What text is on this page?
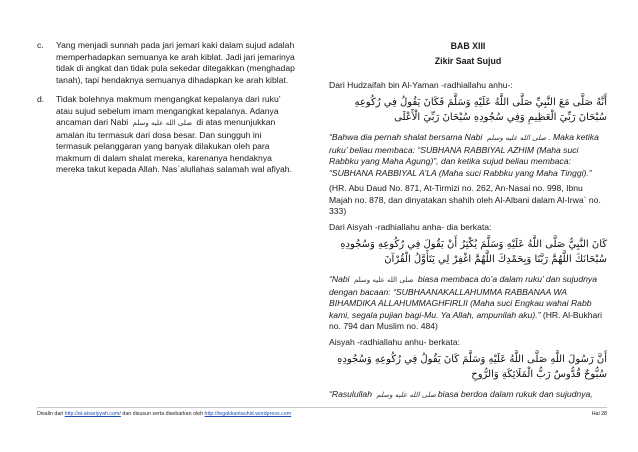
c.	Yang menjadi sunnah pada jari jemari kaki dalam sujud adalah memperhadapkan semuanya ke arah kiblat. Jadi jari jemarinya tidak di angkat dan tidak pula sekedar ditegakkan (menghadap tanah), tapi hendaknya semuanya dihadapkan ke arah kiblat.
d.	Tidak bolehnya makmum mengangkat kepalanya dari ruku’ atau sujud sebelum imam mengangkat kepalanya. Adanya ancaman dari Nabi صلى الله عليه وسلم di atas menunjukkan amalan itu termasuk dari dosa besar. Dan sungguh ini termasuk pelanggaran yang banyak dilakukan oleh para makmum di dalam shalat mereka, karenanya hendaknya mereka takut kepada Allah. Nas`alullahas salamah wal afiyah.
BAB XIII
Zikir Saat Sujud
Dari Hudzaifah bin Al-Yaman -radhiallahu anhu-:
أَنَّهُ صَلَّى مَعَ النَّبِيِّ صَلَّى اللَّهُ عَلَيْهِ وَسَلَّمَ فَكَانَ يَقُولُ فِي رُكُوعِهِ سُبْحَانَ رَبِّيَ الْعَظِيمِ وَفِي سُجُودِهِ سُبْحَانَ رَبِّيَ الْأَعْلَى
“Bahwa dia pernah shalat bersama Nabi صلى الله عليه وسلم . Maka ketika ruku’ beliau membaca: “SUBHANA RABBIYAL AZHIM (Maha suci Rabbku yang Maha Agung)”, dan ketika sujud beliau membaca: “SUBHANA RABBIYAL A’LA (Maha suci Rabbku yang Maha Tinggi).”
(HR. Abu Daud No. 871, At-Tirmizi no. 262, An-Nasai no. 998, Ibnu Majah no. 878, dan dinyatakan shahih oleh Al-Albani dalam Al-Irwa` no. 333)
Dari Aisyah -radhiallahu anha- dia berkata:
كَانَ النَّبِيُّ صَلَّى اللَّهُ عَلَيْهِ وَسَلَّمَ يُكْثِرُ أَنْ يَقُولَ فِي رُكُوعِهِ وَسُجُودِهِ سُبْحَانَكَ اللَّهُمَّ رَبَّنَا وَبِحَمْدِكَ اللَّهُمَّ اغْفِرْ لِي يَتَأَوَّلُ الْقُرْآنَ
“Nabi صلى الله عليه وسلم biasa membaca do’a dalam ruku’ dan sujudnya dengan bacaan: “SUBHAANAKALLAHUMMA RABBANAA WA BIHAMDIKA ALLAHUMMAGHFIRLII (Maha suci Engkau wahai Rabb kami, segala pujian bagi-Mu. Ya Allah, ampunilah aku).” (HR. Al-Bukhari no. 794 dan Muslim no. 484)
Aisyah -radhiallahu anhu- berkata:
أَنَّ رَسُولَ اللَّهِ صَلَّى اللَّهُ عَلَيْهِ وَسَلَّمَ كَانَ يَقُولُ فِي رُكُوعِهِ وَسُجُودِهِ سُبُّوحٌ قُدُّوسٌ رَبُّ الْمَلَائِكَةِ وَالرُّوحِ
“Rasulullah صلى الله عليه وسلم biasa berdoa dalam rukuk dan sujudnya,
Disalin dari http://al-atsariyyah.com/ dan disusun serta disebarkan oleh http://tegakkantauhid.wordpress.com	Hal 28
